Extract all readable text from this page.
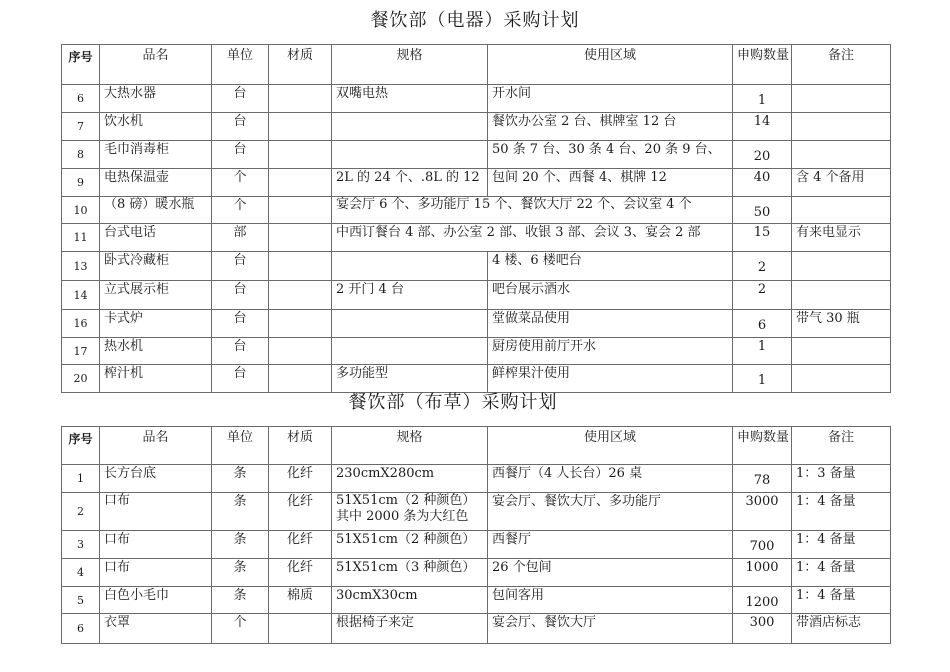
餐饮部（电器）采购计划
序号	品名	单位	材质	规格	使用区域	申购数量	备注
6	大热水器	台		双嘴电热	开水间	1	
7	饮水机	台			餐饮办公室 2 台、棋牌室 12 台	14	
8	毛巾消毒柜	台			50 条 7 台、30 条 4 台、20 条 9 台、	20	
9	电热保温壶	个		2L 的 24 个、.8L 的 12	包间 20 个、西餐 4、棋牌 12	40	含 4 个备用
10	（8 磅）暖水瓶	个		宴会厅 6 个、多功能厅 15 个、餐饮大厅 22 个、会议室 4 个		50	
11	台式电话	部		中西订餐台 4 部、办公室 2 部、收银 3 部、会议 3、宴会 2 部		15	有来电显示
13	卧式冷藏柜	台			4 楼、6 楼吧台	2	
14	立式展示柜	台		2 开门 4 台	吧台展示酒水	2	
16	卡式炉	台			堂做菜品使用	6	带气 30 瓶
17	热水机	台			厨房使用前厅开水	1	
20	榨汁机	台		多功能型	鲜榨果汁使用	1	
餐饮部（布草）采购计划
序号	品名	单位	材质	规格	使用区域	申购数量	备注
1	长方台底	条	化纤	230cmX280cm	西餐厅（4 人长台）26 桌	78	1：3 备量
2	口布	条	化纤	51X51cm（2 种颜色）其中 2000 条为大红色	宴会厅、餐饮大厅、多功能厅	3000	1：4 备量
3	口布	条	化纤	51X51cm（2 种颜色）	西餐厅	700	1：4 备量
4	口布	条	化纤	51X51cm（3 种颜色）	26 个包间	1000	1：4 备量
5	白色小毛巾	条	棉质	30cmX30cm	包间客用	1200	1：4 备量
6	衣罩	个		根据椅子来定	宴会厅、餐饮大厅	300	带酒店标志
